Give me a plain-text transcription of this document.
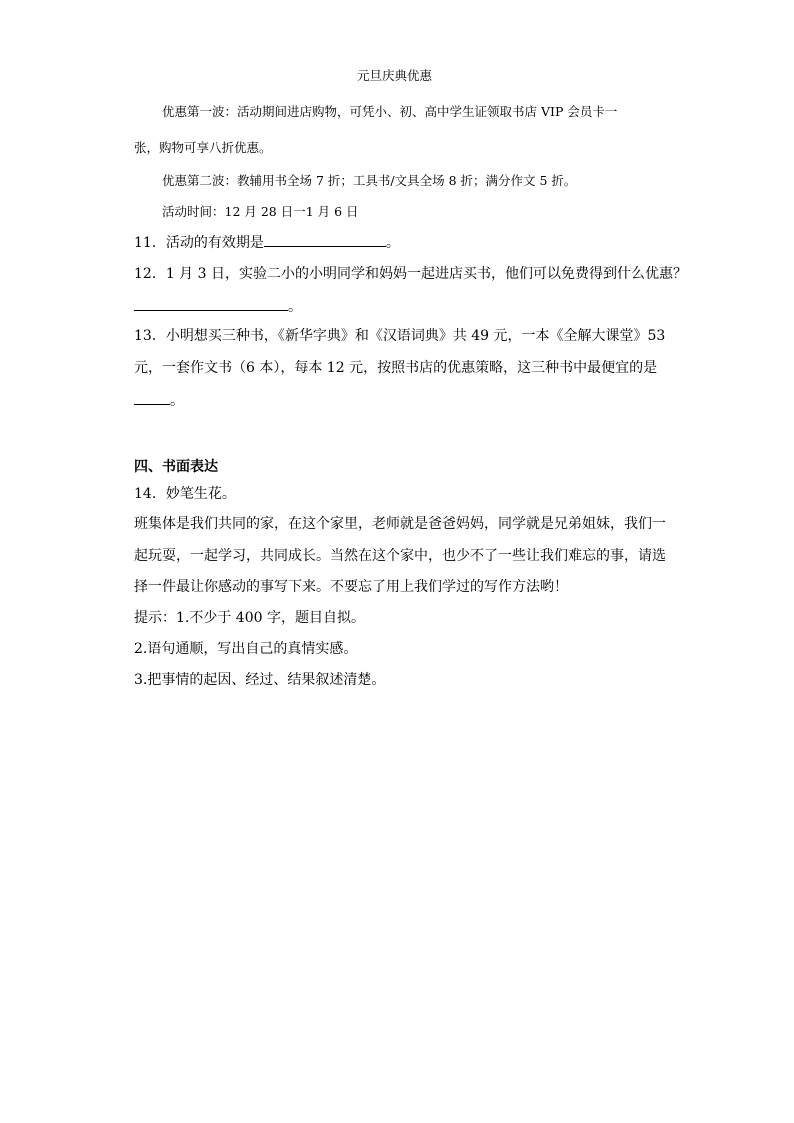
元旦庆典优惠
优惠第一波：活动期间进店购物，可凭小、初、高中学生证领取书店 VIP 会员卡一
张，购物可享八折优惠。
优惠第二波：教辅用书全场 7 折；工具书/文具全场 8 折；满分作文 5 折。
活动时间：12 月 28 日一1 月 6 日
11．活动的有效期是	。
12．1 月 3 日，实验二小的小明同学和妈妈一起进店买书，他们可以免费得到什么优惠？
。
13．小明想买三种书，《新华字典》和《汉语词典》共 49 元，一本《全解大课堂》53
元，一套作文书（6 本），每本 12 元，按照书店的优惠策略，这三种书中最便宜的是
。
四、书面表达
14．妙笔生花。
班集体是我们共同的家，在这个家里，老师就是爸爸妈妈，同学就是兄弟姐妹，我们一
起玩耍，一起学习，共同成长。当然在这个家中，也少不了一些让我们难忘的事，请选
择一件最让你感动的事写下来。不要忘了用上我们学过的写作方法哟！
提示：1.不少于 400 字，题目自拟。
2.语句通顺，写出自己的真情实感。
3.把事情的起因、经过、结果叙述清楚。
